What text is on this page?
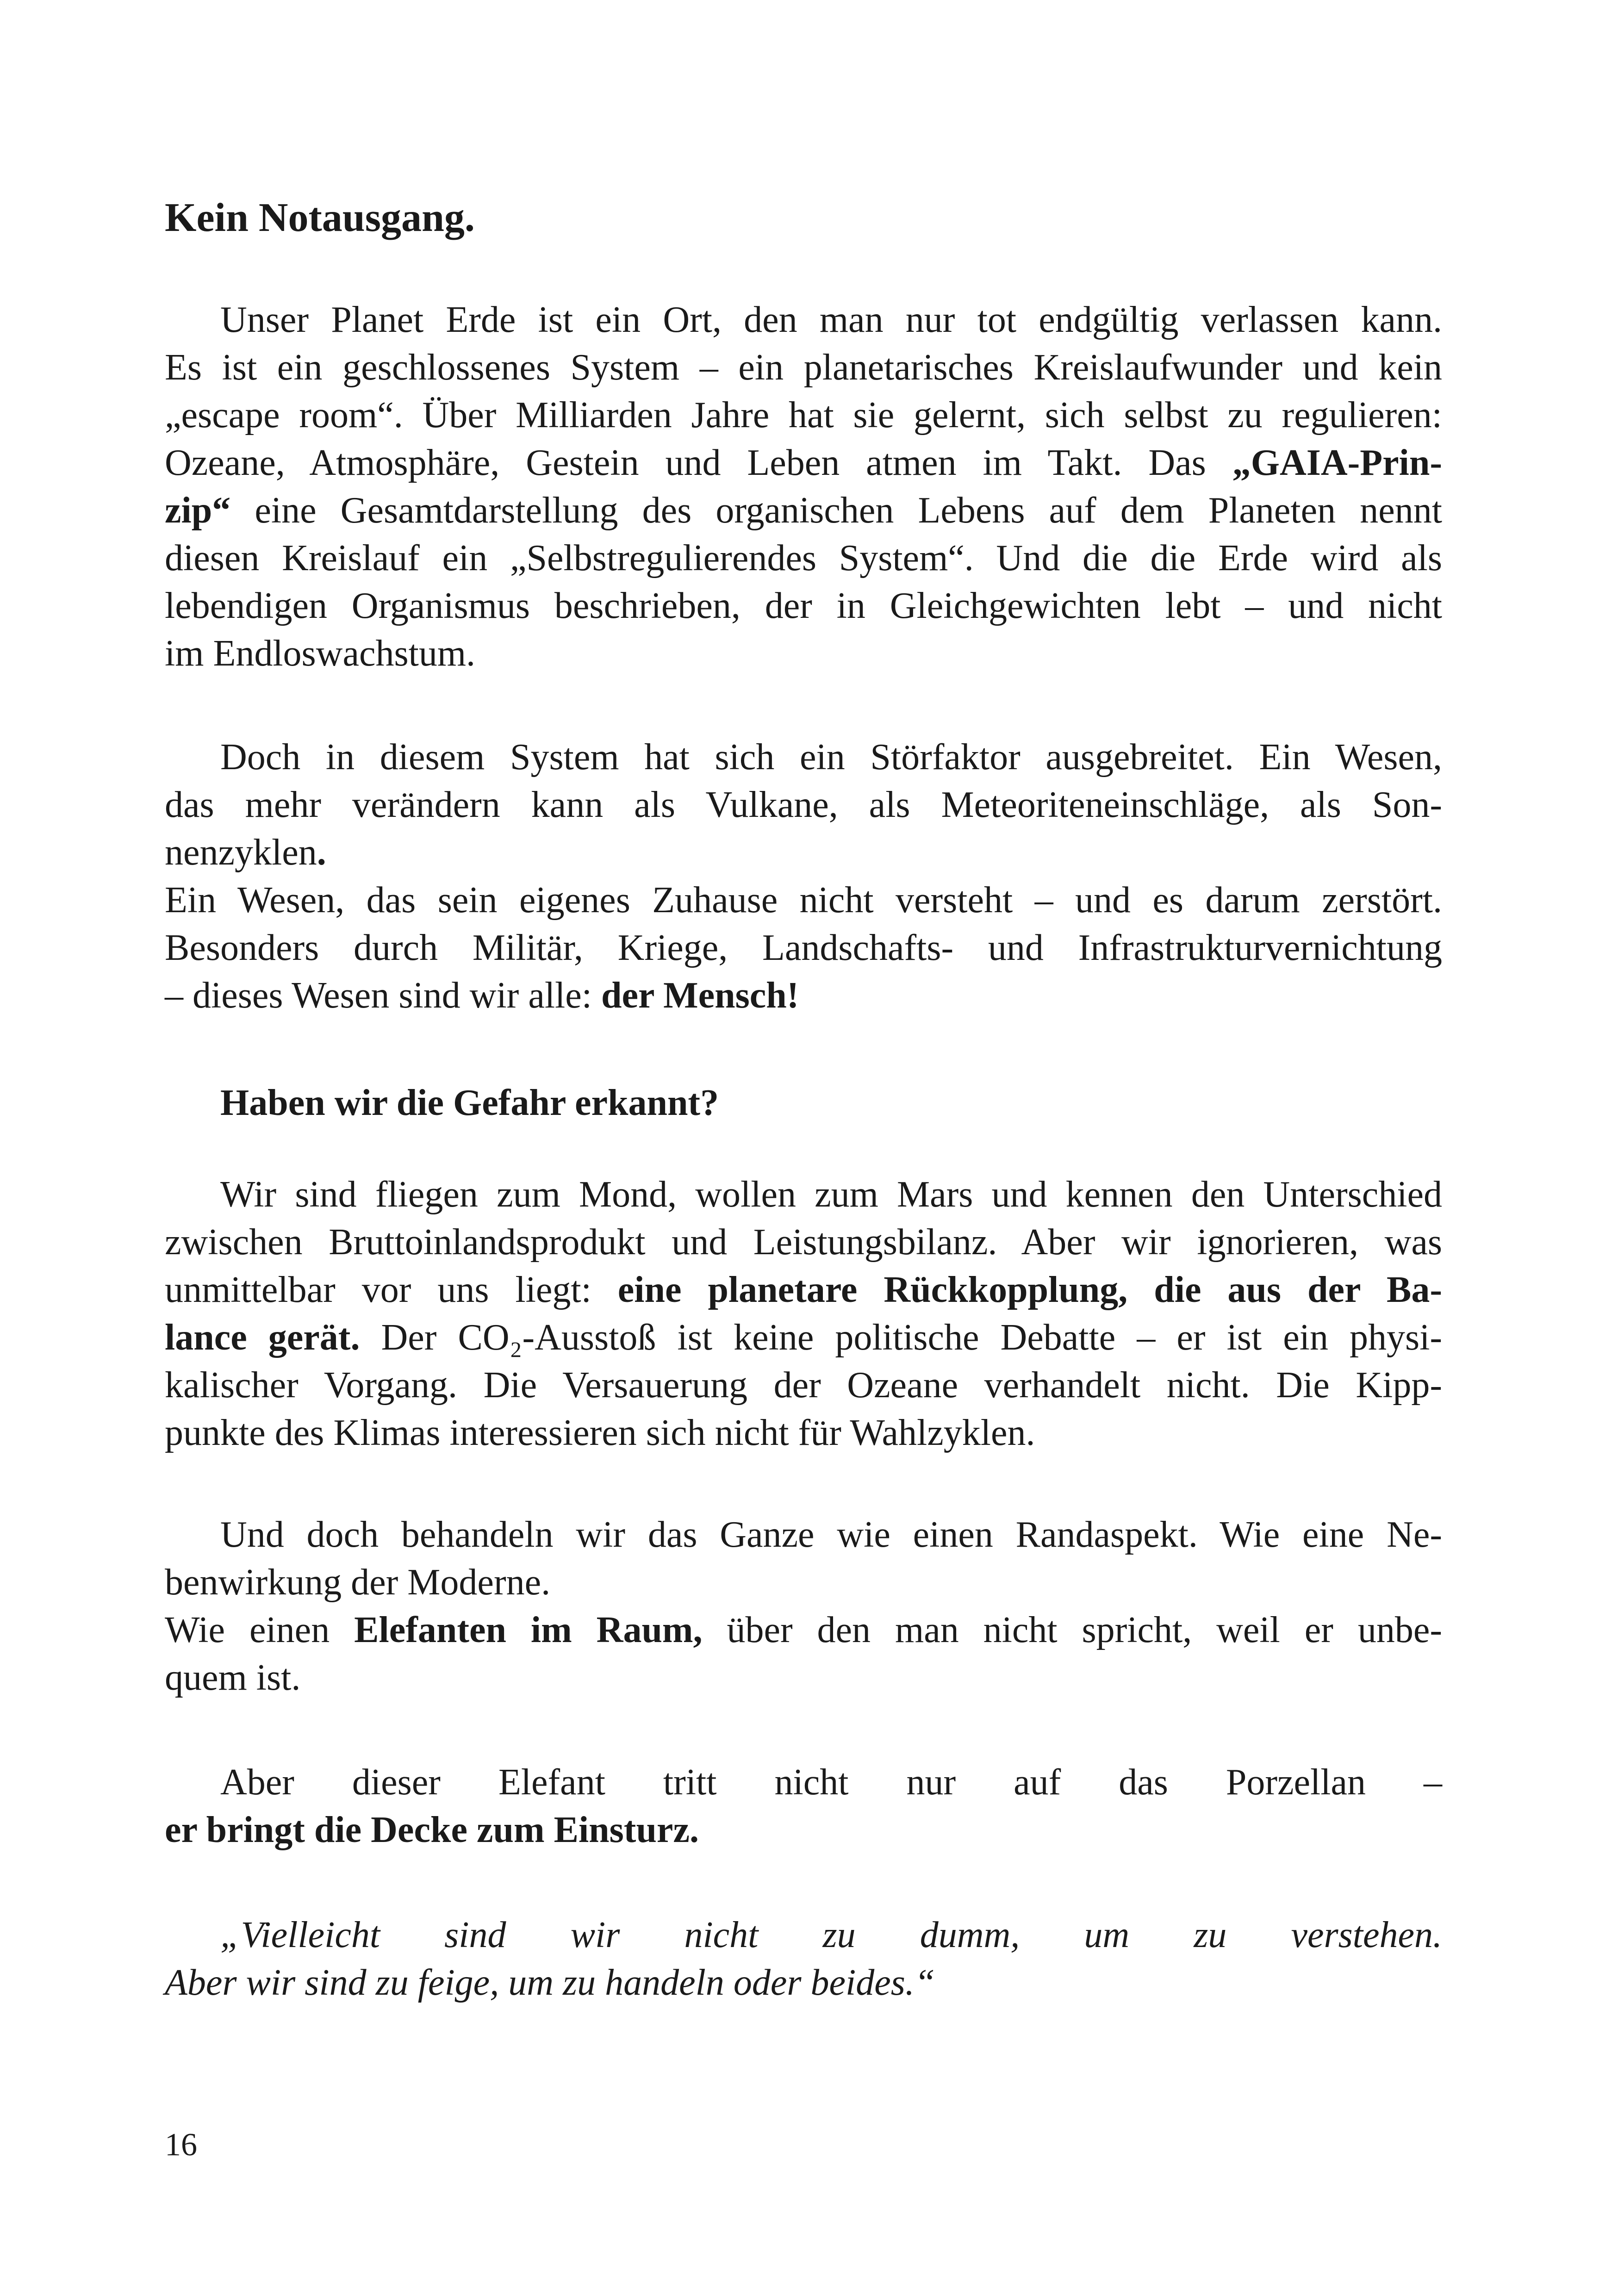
Kein Notausgang.
Unser Planet Erde ist ein Ort, den man nur tot endgültig verlassen kann.
Es ist ein geschlossenes System – ein planetarisches Kreislaufwunder und kein
„escape room“. Über Milliarden Jahre hat sie gelernt, sich selbst zu regulieren:
Ozeane, Atmosphäre, Gestein und Leben atmen im Takt. Das „GAIA-Prin-
zip“ eine Gesamtdarstellung des organischen Lebens auf dem Planeten nennt
diesen Kreislauf ein „Selbstregulierendes System“. Und die die Erde wird als
lebendigen Organismus beschrieben, der in Gleichgewichten lebt – und nicht
im Endloswachstum.
Doch in diesem System hat sich ein Störfaktor ausgebreitet. Ein Wesen,
das mehr verändern kann als Vulkane, als Meteoriteneinschläge, als Son-
nenzyklen.
Ein Wesen, das sein eigenes Zuhause nicht versteht – und es darum zerstört.
Besonders durch Militär, Kriege, Landschafts- und Infrastrukturvernichtung
– dieses Wesen sind wir alle: der Mensch!
Haben wir die Gefahr erkannt?
Wir sind fliegen zum Mond, wollen zum Mars und kennen den Unterschied
zwischen Bruttoinlandsprodukt und Leistungsbilanz. Aber wir ignorieren, was
unmittelbar vor uns liegt: eine planetare Rückkopplung, die aus der Ba-
lance gerät. Der CO₂-Ausstoß ist keine politische Debatte – er ist ein physi-
kalischer Vorgang. Die Versauerung der Ozeane verhandelt nicht. Die Kipp-
punkte des Klimas interessieren sich nicht für Wahlzyklen.
Und doch behandeln wir das Ganze wie einen Randaspekt. Wie eine Ne-
benwirkung der Moderne.
Wie einen Elefanten im Raum, über den man nicht spricht, weil er unbe-
quem ist.
Aber dieser Elefant tritt nicht nur auf das Porzellan –
er bringt die Decke zum Einsturz.
„Vielleicht sind wir nicht zu dumm, um zu verstehen.
Aber wir sind zu feige, um zu handeln oder beides.“
16
